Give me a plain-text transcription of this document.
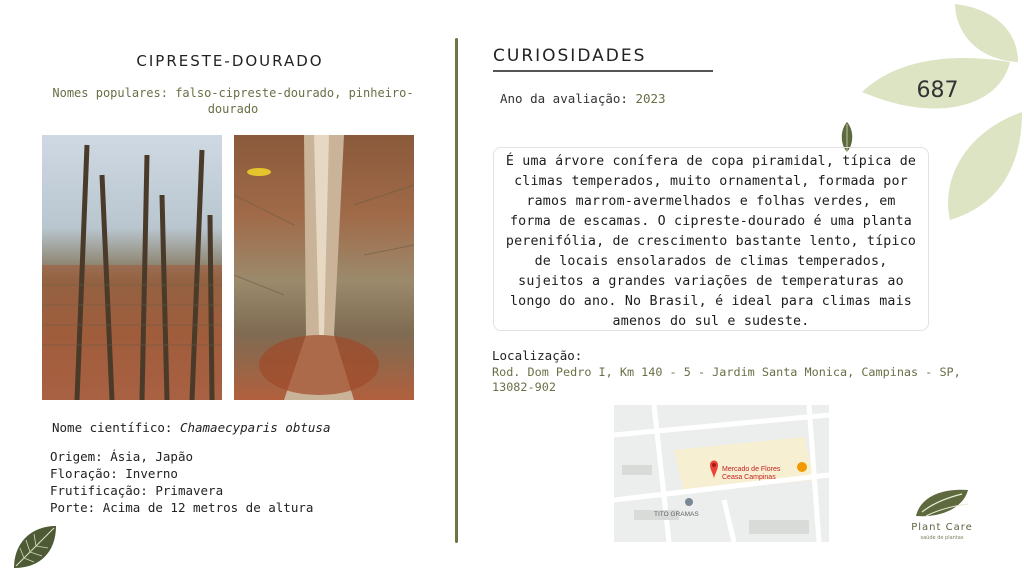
CIPRESTE-DOURADO
Nomes populares: falso-cipreste-dourado, pinheiro-dourado
Nome científico: Chamaecyparis obtusa
Origem: Ásia, Japão
Floração: Inverno
Frutificação: Primavera
Porte: Acima de 12 metros de altura
CURIOSIDADES
Ano da avaliação: 2023
É uma árvore conífera de copa piramidal, típica de climas temperados, muito ornamental, formada por ramos marrom-avermelhados e folhas verdes, em forma de escamas. O cipreste-dourado é uma planta perenifólia, de crescimento bastante lento, típico de locais ensolarados de climas temperados, sujeitos a grandes variações de temperaturas ao longo do ano. No Brasil, é ideal para climas mais amenos do sul e sudeste.
Localização:
Rod. Dom Pedro I, Km 140 - 5 - Jardim Santa Monica, Campinas - SP, 13082-902
Mercado de Flores Ceasa Campinas
TITO GRAMAS
687
Plant Care
saúde de plantas
